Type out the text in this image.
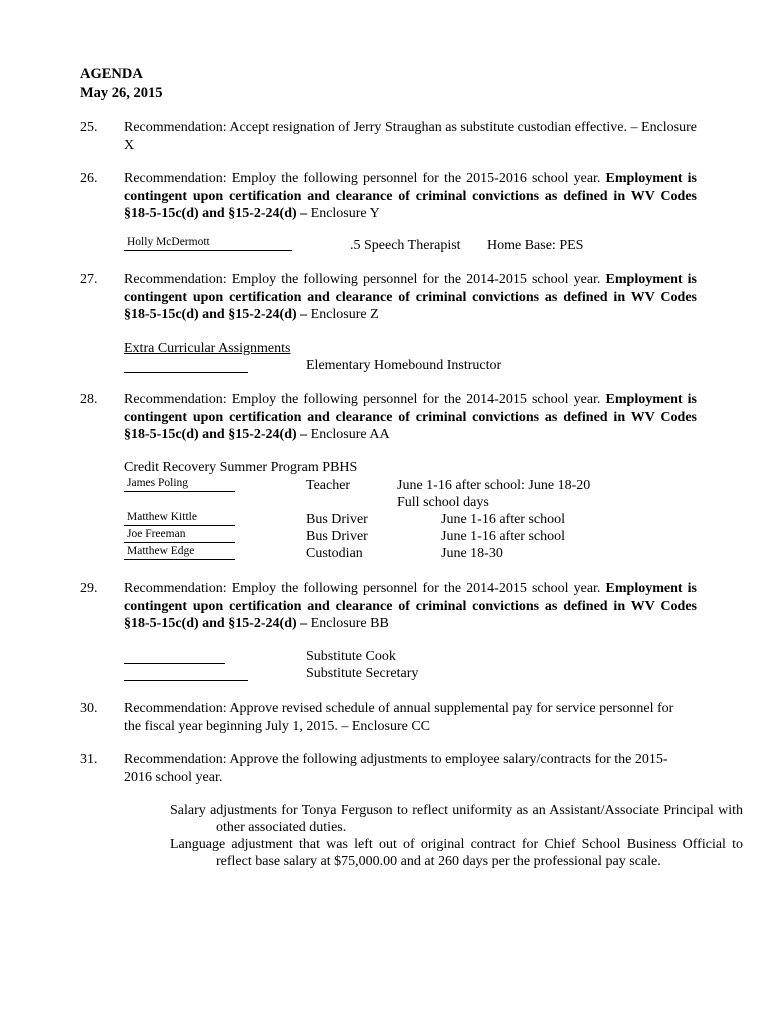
AGENDA
May 26, 2015
25. Recommendation: Accept resignation of Jerry Straughan as substitute custodian effective. – Enclosure X
26. Recommendation: Employ the following personnel for the 2015-2016 school year. Employment is contingent upon certification and clearance of criminal convictions as defined in WV Codes §18-5-15c(d) and §15-2-24(d) – Enclosure Y
Holly McDermott	.5 Speech Therapist Home Base: PES
27. Recommendation: Employ the following personnel for the 2014-2015 school year. Employment is contingent upon certification and clearance of criminal convictions as defined in WV Codes §18-5-15c(d) and §15-2-24(d) – Enclosure Z
Extra Curricular Assignments
Elementary Homebound Instructor
28. Recommendation: Employ the following personnel for the 2014-2015 school year. Employment is contingent upon certification and clearance of criminal convictions as defined in WV Codes §18-5-15c(d) and §15-2-24(d) – Enclosure AA
Credit Recovery Summer Program PBHS
James Poling	Teacher	June 1-16 after school: June 18-20
Full school days
Matthew Kittle	Bus Driver	June 1-16 after school
Joe Freeman	Bus Driver	June 1-16 after school
Matthew Edge	Custodian	June 18-30
29. Recommendation: Employ the following personnel for the 2014-2015 school year. Employment is contingent upon certification and clearance of criminal convictions as defined in WV Codes §18-5-15c(d) and §15-2-24(d) – Enclosure BB
Substitute Cook
Substitute Secretary
30. Recommendation: Approve revised schedule of annual supplemental pay for service personnel for the fiscal year beginning July 1, 2015. – Enclosure CC
31. Recommendation: Approve the following adjustments to employee salary/contracts for the 2015-2016 school year.
Salary adjustments for Tonya Ferguson to reflect uniformity as an Assistant/Associate Principal with other associated duties.
Language adjustment that was left out of original contract for Chief School Business Official to reflect base salary at $75,000.00 and at 260 days per the professional pay scale.
